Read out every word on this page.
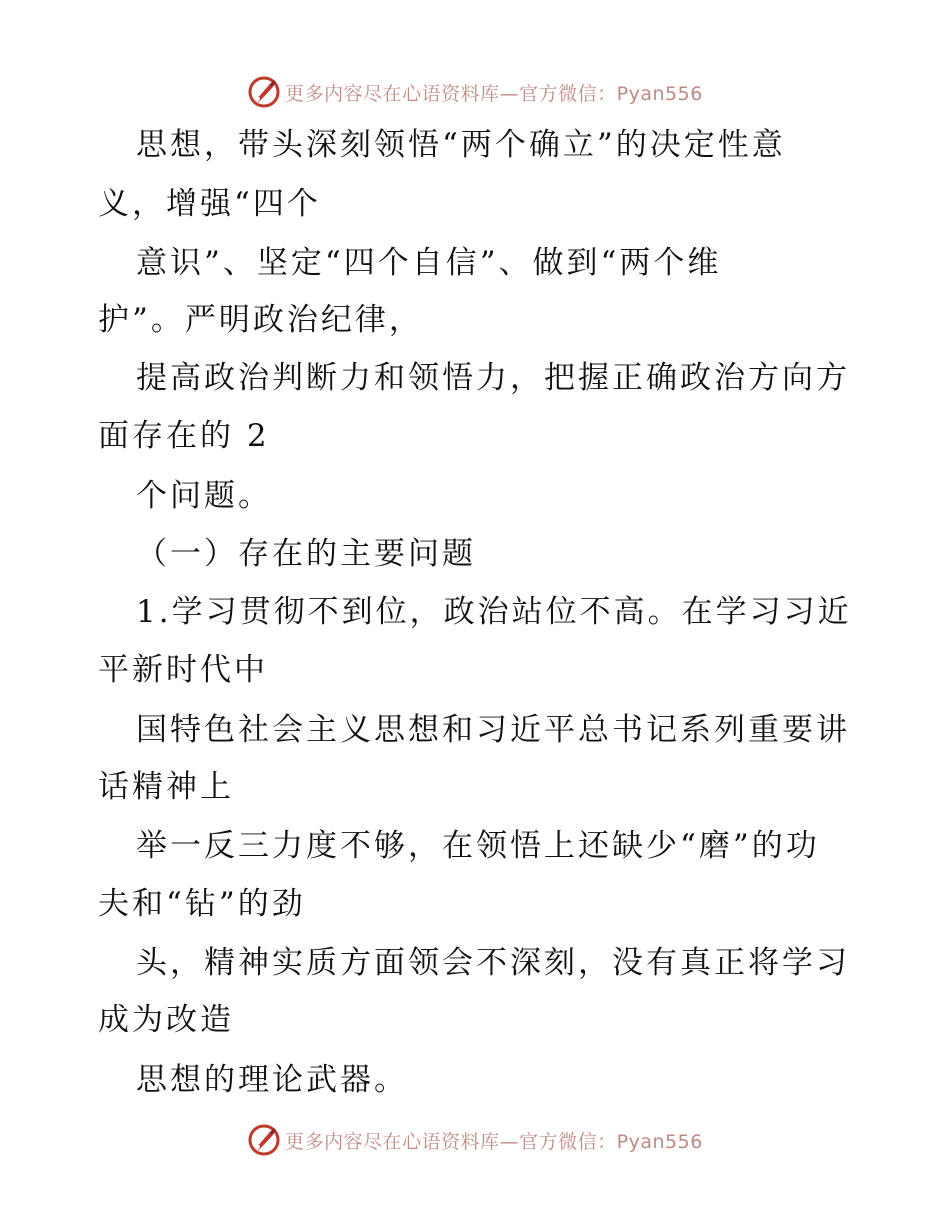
更多内容尽在心语资料库—官方微信：Pyan556
思想，带头深刻领悟“两个确立”的决定性意
义，增强“四个
意识”、坚定“四个自信”、做到“两个维
护”。严明政治纪律，
提高政治判断力和领悟力，把握正确政治方向方
面存在的 2
个问题。
（一）存在的主要问题
1.学习贯彻不到位，政治站位不高。在学习习近
平新时代中
国特色社会主义思想和习近平总书记系列重要讲
话精神上
举一反三力度不够，在领悟上还缺少“磨”的功
夫和“钻”的劲
头，精神实质方面领会不深刻，没有真正将学习
成为改造
思想的理论武器。
更多内容尽在心语资料库—官方微信：Pyan556
